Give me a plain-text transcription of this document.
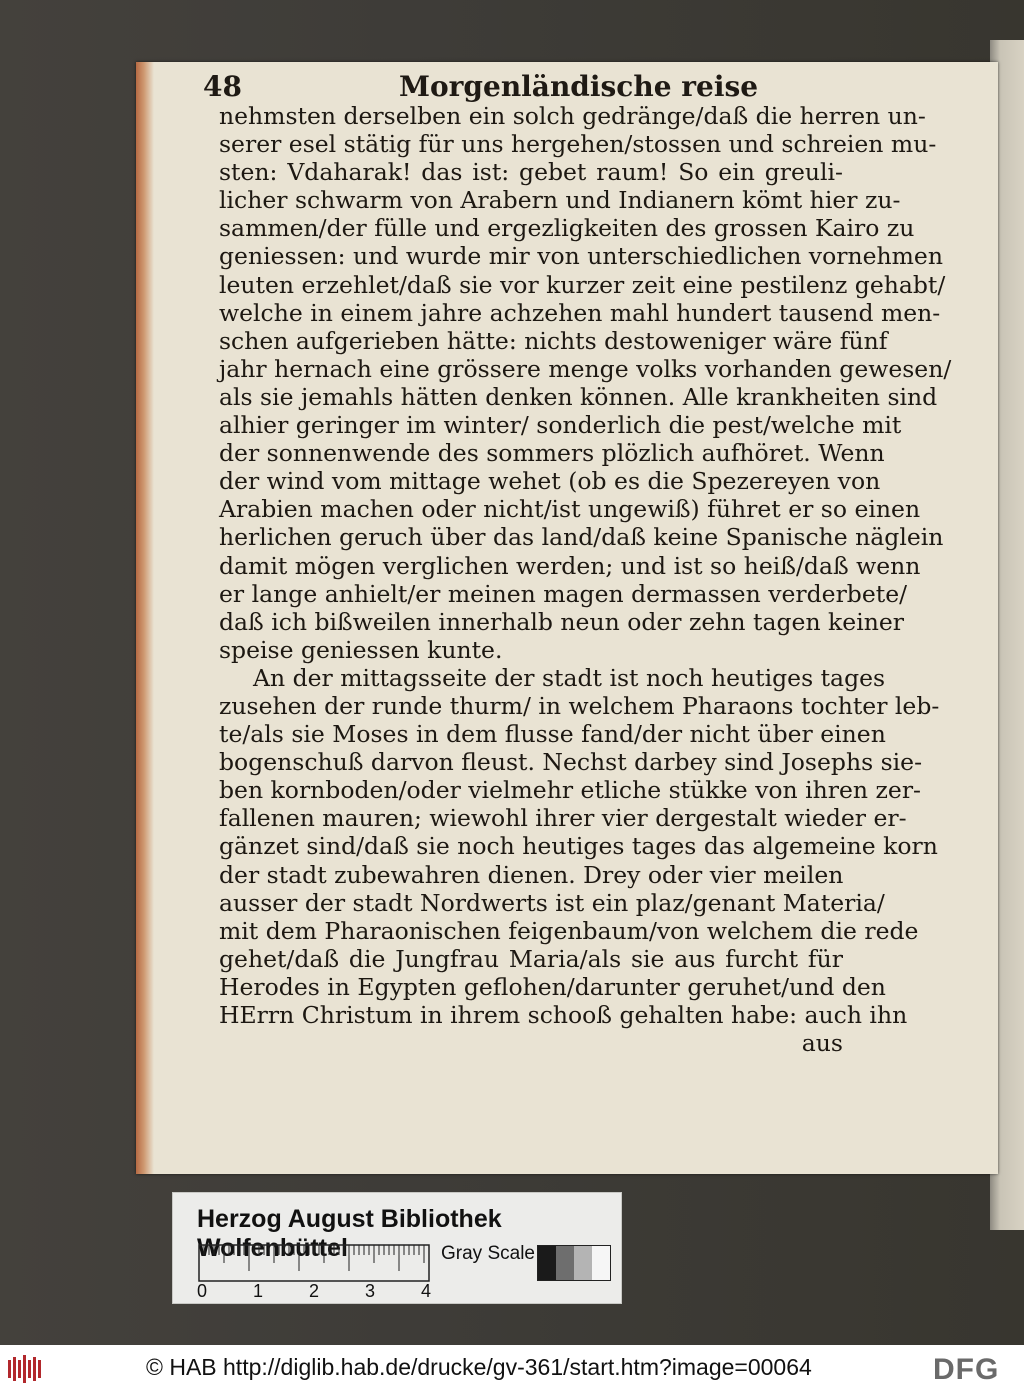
48	Morgenländische reise
nehmsten derselben ein solch gedränge/daß die herren un-
serer esel stätig für uns hergehen/stossen und schreien mu-
sten: Vdaharak! das ist: gebet raum! So ein greuli-
licher schwarm von Arabern und Indianern kömt hier zu-
sammen/der fülle und ergezligkeiten des grossen Kairo zu
geniessen: und wurde mir von unterschiedlichen vornehmen
leuten erzehlet/daß sie vor kurzer zeit eine pestilenz gehabt/
welche in einem jahre achzehen mahl hundert tausend men-
schen aufgerieben hätte: nichts destoweniger wäre fünf
jahr hernach eine grössere menge volks vorhanden gewesen/
als sie jemahls hätten denken können. Alle krankheiten sind
alhier geringer im winter/ sonderlich die pest/welche mit
der sonnenwende des sommers plözlich aufhöret. Wenn
der wind vom mittage wehet (ob es die Spezereyen von
Arabien machen oder nicht/ist ungewiß) führet er so einen
herlichen geruch über das land/daß keine Spanische näglein
damit mögen verglichen werden; und ist so heiß/daß wenn
er lange anhielt/er meinen magen dermassen verderbete/
daß ich bißweilen innerhalb neun oder zehn tagen keiner
speise geniessen kunte.
An der mittagsseite der stadt ist noch heutiges tages
zusehen der runde thurm/ in welchem Pharaons tochter leb-
te/als sie Moses in dem flusse fand/der nicht über einen
bogenschuß darvon fleust. Nechst darbey sind Josephs sie-
ben kornboden/oder vielmehr etliche stükke von ihren zer-
fallenen mauren; wiewohl ihrer vier dergestalt wieder er-
gänzet sind/daß sie noch heutiges tages das algemeine korn
der stadt zubewahren dienen. Drey oder vier meilen
ausser der stadt Nordwerts ist ein plaz/genant Materia/
mit dem Pharaonischen feigenbaum/von welchem die rede
gehet/daß die Jungfrau Maria/als sie aus furcht für
Herodes in Egypten geflohen/darunter geruhet/und den
HErrn Christum in ihrem schooß gehalten habe: auch ihn
aus
Herzog August Bibliothek Wolfenbüttel	Gray Scale
0	1	2	3	4
© HAB http://diglib.hab.de/drucke/gv-361/start.htm?image=00064	DFG
